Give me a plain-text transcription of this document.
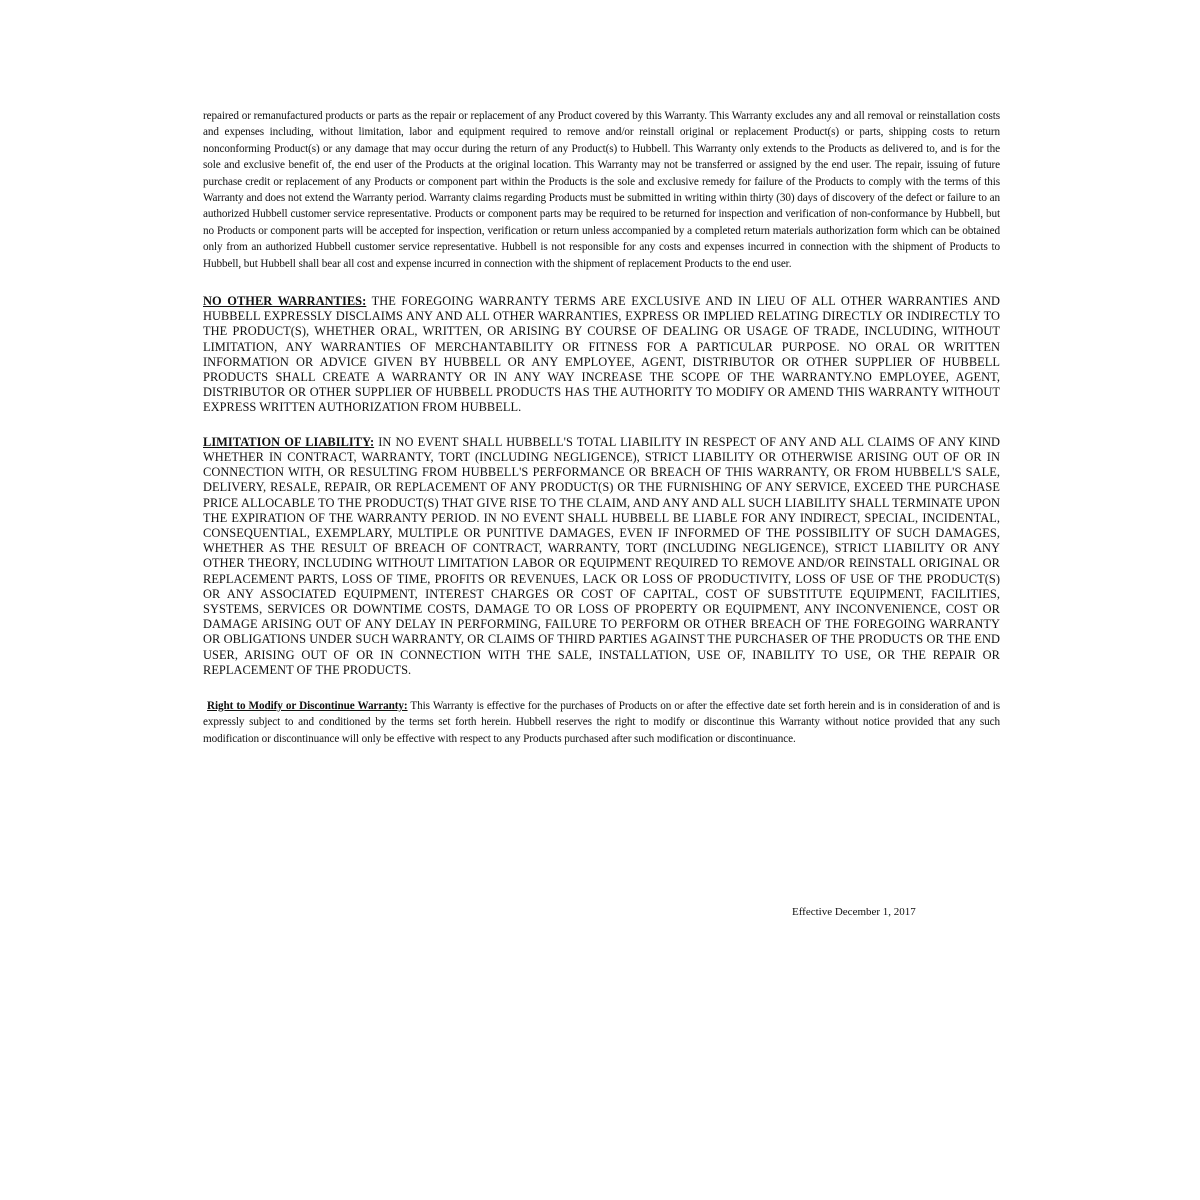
repaired or remanufactured products or parts as the repair or replacement of any Product covered by this Warranty. This Warranty excludes any and all removal or reinstallation costs and expenses including, without limitation, labor and equipment required to remove and/or reinstall original or replacement Product(s) or parts, shipping costs to return nonconforming Product(s) or any damage that may occur during the return of any Product(s) to Hubbell. This Warranty only extends to the Products as delivered to, and is for the sole and exclusive benefit of, the end user of the Products at the original location. This Warranty may not be transferred or assigned by the end user. The repair, issuing of future purchase credit or replacement of any Products or component part within the Products is the sole and exclusive remedy for failure of the Products to comply with the terms of this Warranty and does not extend the Warranty period. Warranty claims regarding Products must be submitted in writing within thirty (30) days of discovery of the defect or failure to an authorized Hubbell customer service representative. Products or component parts may be required to be returned for inspection and verification of non-conformance by Hubbell, but no Products or component parts will be accepted for inspection, verification or return unless accompanied by a completed return materials authorization form which can be obtained only from an authorized Hubbell customer service representative. Hubbell is not responsible for any costs and expenses incurred in connection with the shipment of Products to Hubbell, but Hubbell shall bear all cost and expense incurred in connection with the shipment of replacement Products to the end user.

NO OTHER WARRANTIES: THE FOREGOING WARRANTY TERMS ARE EXCLUSIVE AND IN LIEU OF ALL OTHER WARRANTIES AND HUBBELL EXPRESSLY DISCLAIMS ANY AND ALL OTHER WARRANTIES, EXPRESS OR IMPLIED RELATING DIRECTLY OR INDIRECTLY TO THE PRODUCT(S), WHETHER ORAL, WRITTEN, OR ARISING BY COURSE OF DEALING OR USAGE OF TRADE, INCLUDING, WITHOUT LIMITATION, ANY WARRANTIES OF MERCHANTABILITY OR FITNESS FOR A PARTICULAR PURPOSE. NO ORAL OR WRITTEN INFORMATION OR ADVICE GIVEN BY HUBBELL OR ANY EMPLOYEE, AGENT, DISTRIBUTOR OR OTHER SUPPLIER OF HUBBELL PRODUCTS SHALL CREATE A WARRANTY OR IN ANY WAY INCREASE THE SCOPE OF THE WARRANTY.NO EMPLOYEE, AGENT, DISTRIBUTOR OR OTHER SUPPLIER OF HUBBELL PRODUCTS HAS THE AUTHORITY TO MODIFY OR AMEND THIS WARRANTY WITHOUT EXPRESS WRITTEN AUTHORIZATION FROM HUBBELL.

LIMITATION OF LIABILITY: IN NO EVENT SHALL HUBBELL'S TOTAL LIABILITY IN RESPECT OF ANY AND ALL CLAIMS OF ANY KIND WHETHER IN CONTRACT, WARRANTY, TORT (INCLUDING NEGLIGENCE), STRICT LIABILITY OR OTHERWISE ARISING OUT OF OR IN CONNECTION WITH, OR RESULTING FROM HUBBELL'S PERFORMANCE OR BREACH OF THIS WARRANTY, OR FROM HUBBELL'S SALE, DELIVERY, RESALE, REPAIR, OR REPLACEMENT OF ANY PRODUCT(S) OR THE FURNISHING OF ANY SERVICE, EXCEED THE PURCHASE PRICE ALLOCABLE TO THE PRODUCT(S) THAT GIVE RISE TO THE CLAIM, AND ANY AND ALL SUCH LIABILITY SHALL TERMINATE UPON THE EXPIRATION OF THE WARRANTY PERIOD. IN NO EVENT SHALL HUBBELL BE LIABLE FOR ANY INDIRECT, SPECIAL, INCIDENTAL, CONSEQUENTIAL, EXEMPLARY, MULTIPLE OR PUNITIVE DAMAGES, EVEN IF INFORMED OF THE POSSIBILITY OF SUCH DAMAGES, WHETHER AS THE RESULT OF BREACH OF CONTRACT, WARRANTY, TORT (INCLUDING NEGLIGENCE), STRICT LIABILITY OR ANY OTHER THEORY, INCLUDING WITHOUT LIMITATION LABOR OR EQUIPMENT REQUIRED TO REMOVE AND/OR REINSTALL ORIGINAL OR REPLACEMENT PARTS, LOSS OF TIME, PROFITS OR REVENUES, LACK OR LOSS OF PRODUCTIVITY, LOSS OF USE OF THE PRODUCT(S) OR ANY ASSOCIATED EQUIPMENT, INTEREST CHARGES OR COST OF CAPITAL, COST OF SUBSTITUTE EQUIPMENT, FACILITIES, SYSTEMS, SERVICES OR DOWNTIME COSTS, DAMAGE TO OR LOSS OF PROPERTY OR EQUIPMENT, ANY INCONVENIENCE, COST OR DAMAGE ARISING OUT OF ANY DELAY IN PERFORMING, FAILURE TO PERFORM OR OTHER BREACH OF THE FOREGOING WARRANTY OR OBLIGATIONS UNDER SUCH WARRANTY, OR CLAIMS OF THIRD PARTIES AGAINST THE PURCHASER OF THE PRODUCTS OR THE END USER, ARISING OUT OF OR IN CONNECTION WITH THE SALE, INSTALLATION, USE OF, INABILITY TO USE, OR THE REPAIR OR REPLACEMENT OF THE PRODUCTS.

Right to Modify or Discontinue Warranty: This Warranty is effective for the purchases of Products on or after the effective date set forth herein and is in consideration of and is expressly subject to and conditioned by the terms set forth herein. Hubbell reserves the right to modify or discontinue this Warranty without notice provided that any such modification or discontinuance will only be effective with respect to any Products purchased after such modification or discontinuance.

Effective December 1, 2017
